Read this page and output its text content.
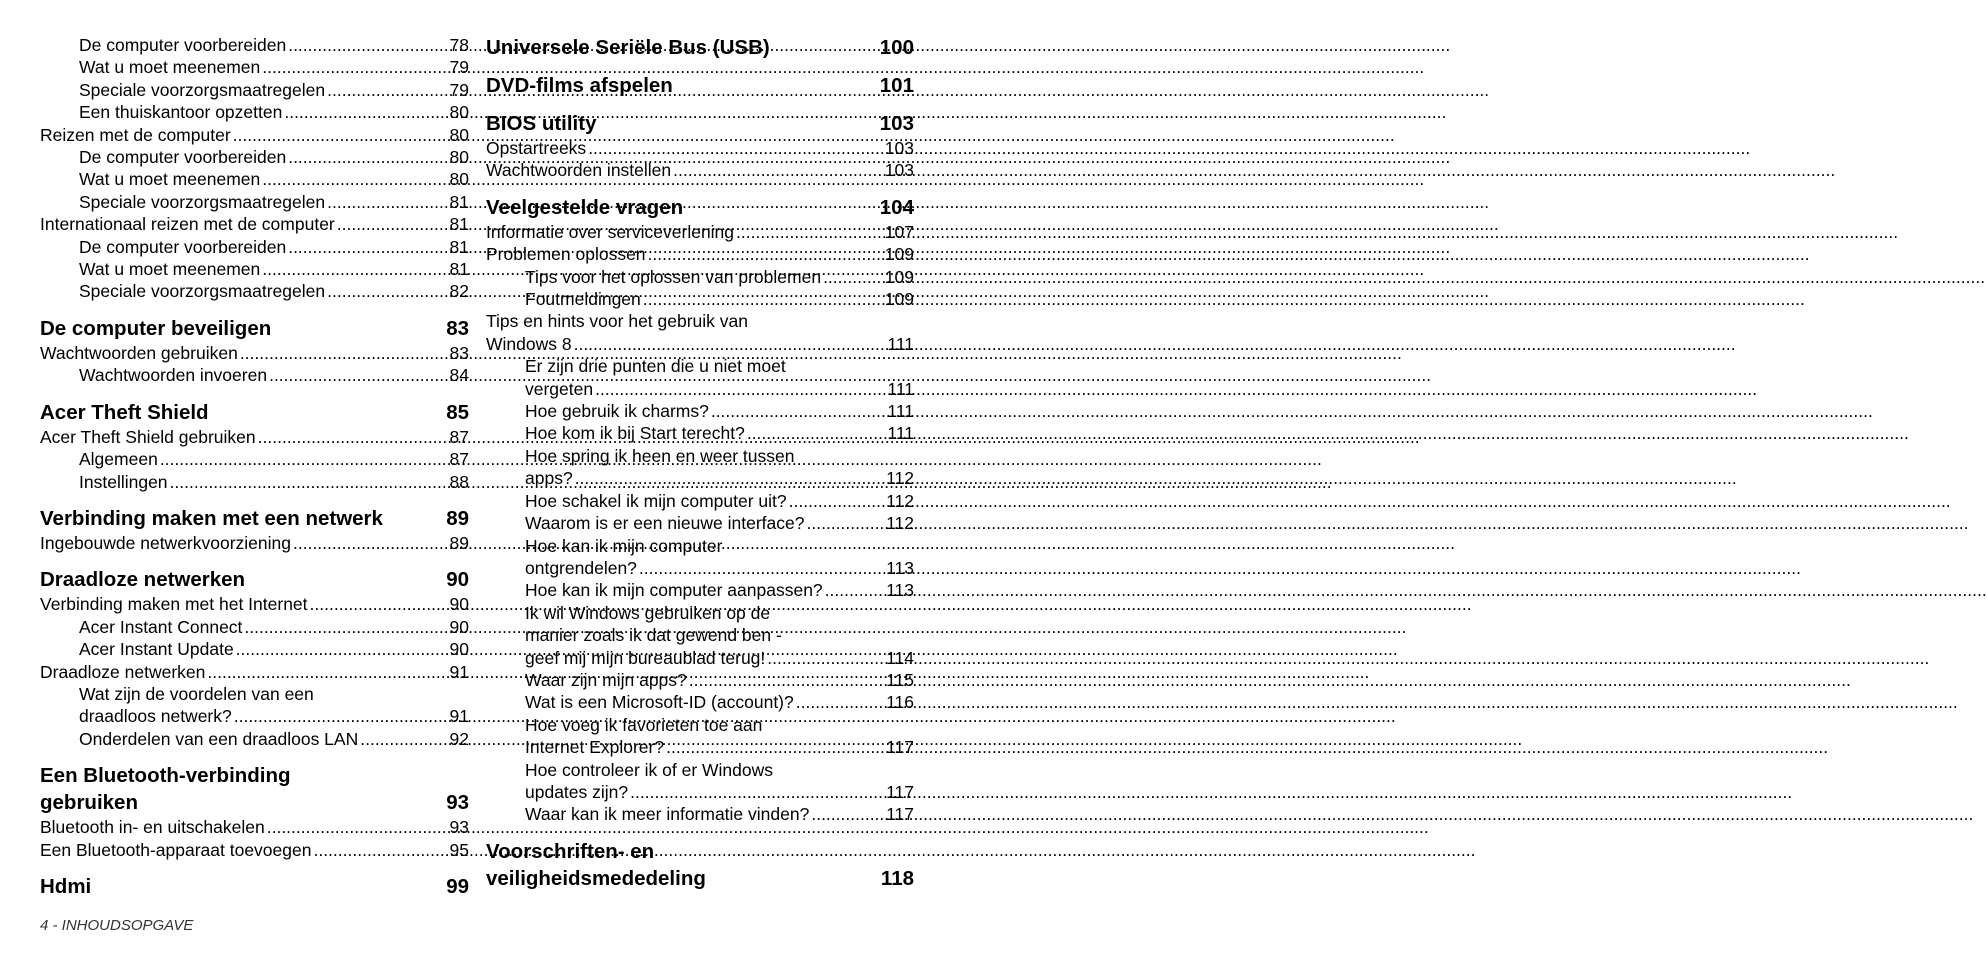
De computer voorbereiden .....	78
Wat u moet meenemen .....	79
Speciale voorzorgsmaatregelen .....	79
Een thuiskantoor opzetten .....	80
Reizen met de computer .....	80
De computer voorbereiden .....	80
Wat u moet meenemen .....	80
Speciale voorzorgsmaatregelen .....	81
Internationaal reizen met de computer .....	81
De computer voorbereiden .....	81
Wat u moet meenemen .....	81
Speciale voorzorgsmaatregelen .....	82
De computer beveiligen	83
Wachtwoorden gebruiken .....	83
Wachtwoorden invoeren .....	84
Acer Theft Shield	85
Acer Theft Shield gebruiken .....	87
Algemeen .....	87
Instellingen .....	88
Verbinding maken met een netwerk	89
Ingebouwde netwerkvoorziening .....	89
Draadloze netwerken	90
Verbinding maken met het Internet .....	90
Acer Instant Connect .....	90
Acer Instant Update .....	90
Draadloze netwerken .....	91
Wat zijn de voordelen van een
draadloos netwerk? .....	91
Onderdelen van een draadloos LAN .....	92
Een Bluetooth-verbinding
gebruiken	93
Bluetooth in- en uitschakelen .....	93
Een Bluetooth-apparaat toevoegen .....	95
Hdmi	99
Universele Seriële Bus (USB)	100
DVD-films afspelen	101
BIOS utility	103
Opstartreeks .....	103
Wachtwoorden instellen .....	103
Veelgestelde vragen	104
Informatie over serviceverlening .....	107
Problemen oplossen .....	109
Tips voor het oplossen van problemen .....	109
Foutmeldingen .....	109
Tips en hints voor het gebruik van
Windows 8 .....	111
Er zijn drie punten die u niet moet
vergeten .....	111
Hoe gebruik ik charms? .....	111
Hoe kom ik bij Start terecht? .....	111
Hoe spring ik heen en weer tussen
apps? .....	112
Hoe schakel ik mijn computer uit? .....	112
Waarom is er een nieuwe interface? .....	112
Hoe kan ik mijn computer
ontgrendelen? .....	113
Hoe kan ik mijn computer aanpassen? .....	113
Ik wil Windows gebruiken op de
manier zoals ik dat gewend ben -
geef mij mijn bureaublad terug! .....	114
Waar zijn mijn apps? .....	115
Wat is een Microsoft-ID (account)? .....	116
Hoe voeg ik favorieten toe aan
Internet Explorer? .....	117
Hoe controleer ik of er Windows
updates zijn? .....	117
Waar kan ik meer informatie vinden? .....	117
Voorschriften- en
veiligheidsmededeling	118
4 - INHOUDSOPGAVE
